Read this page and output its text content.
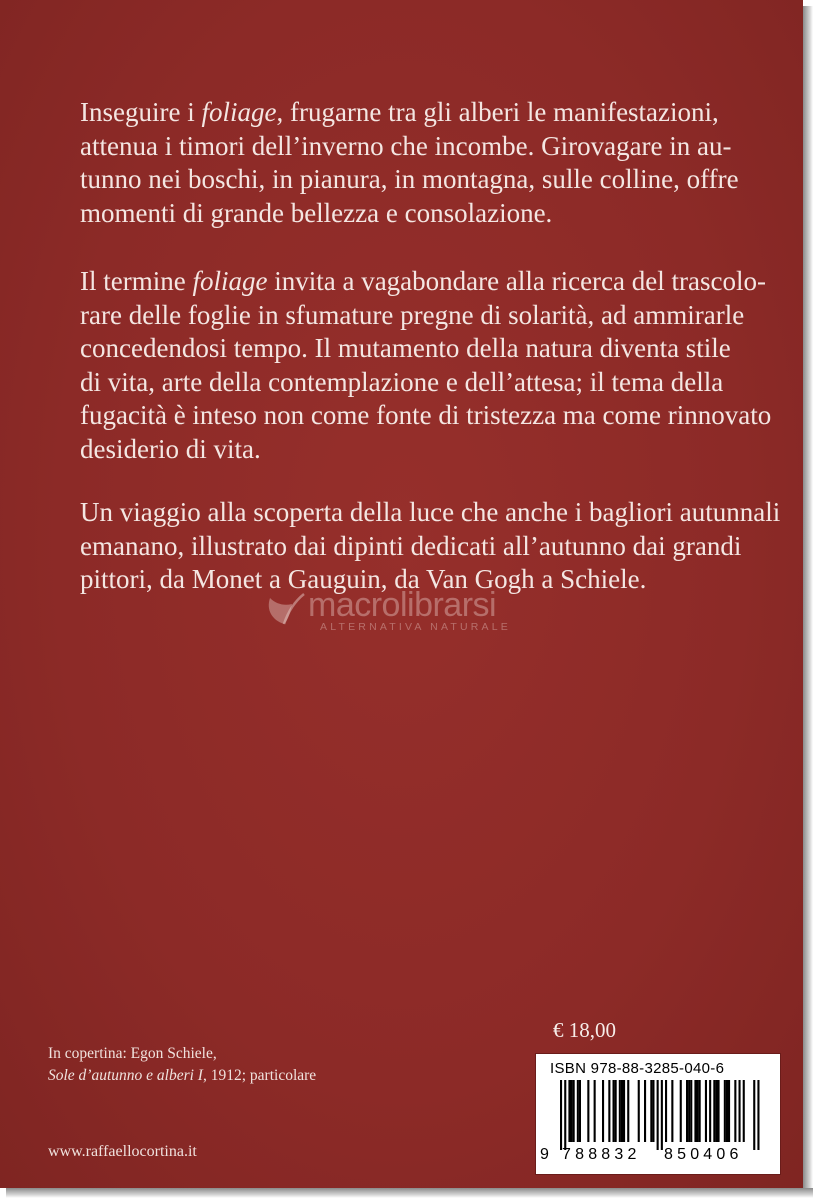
Inseguire i foliage, frugarne tra gli alberi le manifestazioni,
attenua i timori dell’inverno che incombe. Girovagare in au-
tunno nei boschi, in pianura, in montagna, sulle colline, offre
momenti di grande bellezza e consolazione.
Il termine foliage invita a vagabondare alla ricerca del trascolo-
rare delle foglie in sfumature pregne di solarità, ad ammirarle
concedendosi tempo. Il mutamento della natura diventa stile
di vita, arte della contemplazione e dell’attesa; il tema della
fugacità è inteso non come fonte di tristezza ma come rinnovato
desiderio di vita.
Un viaggio alla scoperta della luce che anche i bagliori autunnali
emanano, illustrato dai dipinti dedicati all’autunno dai grandi
pittori, da Monet a Gauguin, da Van Gogh a Schiele.
macrolibrarsi
ALTERNATIVA NATURALE
In copertina: Egon Schiele,
Sole d’autunno e alberi I, 1912; particolare
www.raffaellocortina.it
€ 18,00
ISBN 978-88-3285-040-6
9 788832 850406
